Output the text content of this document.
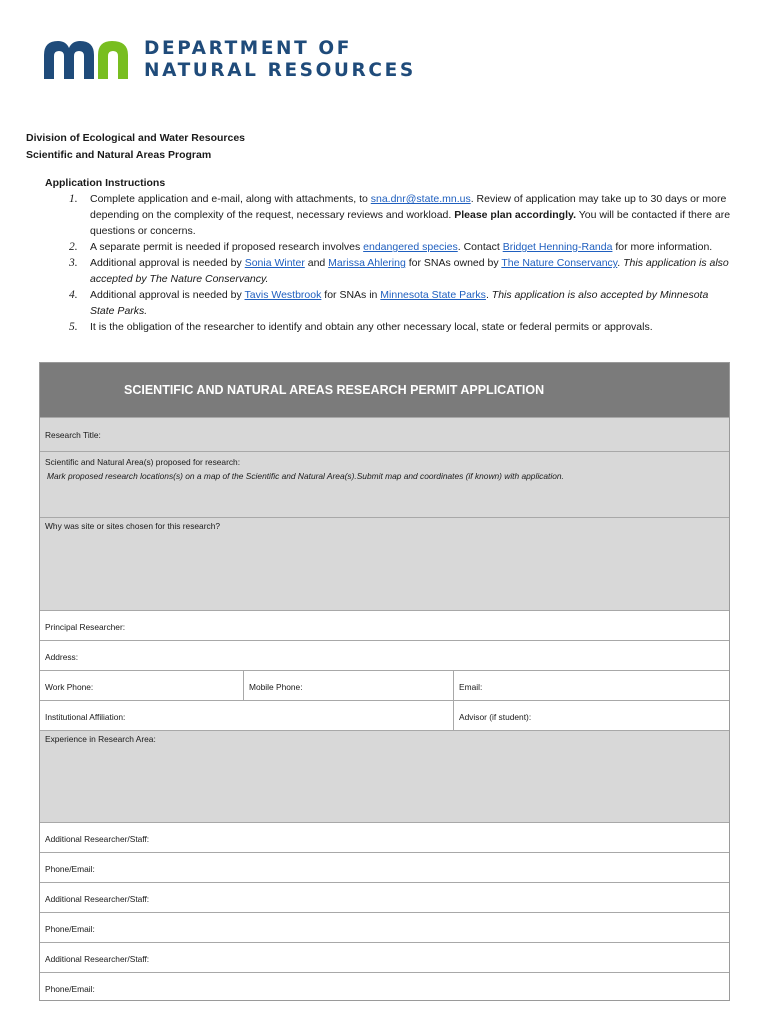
DEPARTMENT OF
NATURAL RESOURCES
Division of Ecological and Water Resources
Scientific and Natural Areas Program
Application Instructions
1. Complete application and e-mail, along with attachments, to sna.dnr@state.mn.us. Review of application may take up to 30 days or more depending on the complexity of the request, necessary reviews and workload. Please plan accordingly. You will be contacted if there are questions or concerns.
2. A separate permit is needed if proposed research involves endangered species. Contact Bridget Henning-Randa for more information.
3. Additional approval is needed by Sonia Winter and Marissa Ahlering for SNAs owned by The Nature Conservancy. This application is also accepted by The Nature Conservancy.
4. Additional approval is needed by Tavis Westbrook for SNAs in Minnesota State Parks. This application is also accepted by Minnesota State Parks.
5. It is the obligation of the researcher to identify and obtain any other necessary local, state or federal permits or approvals.
SCIENTIFIC AND NATURAL AREAS RESEARCH PERMIT APPLICATION
Research Title:
Scientific and Natural Area(s) proposed for research:
Mark proposed research locations(s) on a map of the Scientific and Natural Area(s).Submit map and coordinates (if known) with application.
Why was site or sites chosen for this research?
Principal Researcher:
Address:
Work Phone:	Mobile Phone:	Email:
Institutional Affiliation:	Advisor (if student):
Experience in Research Area:
Additional Researcher/Staff:
Phone/Email:
Additional Researcher/Staff:
Phone/Email:
Additional Researcher/Staff:
Phone/Email:
